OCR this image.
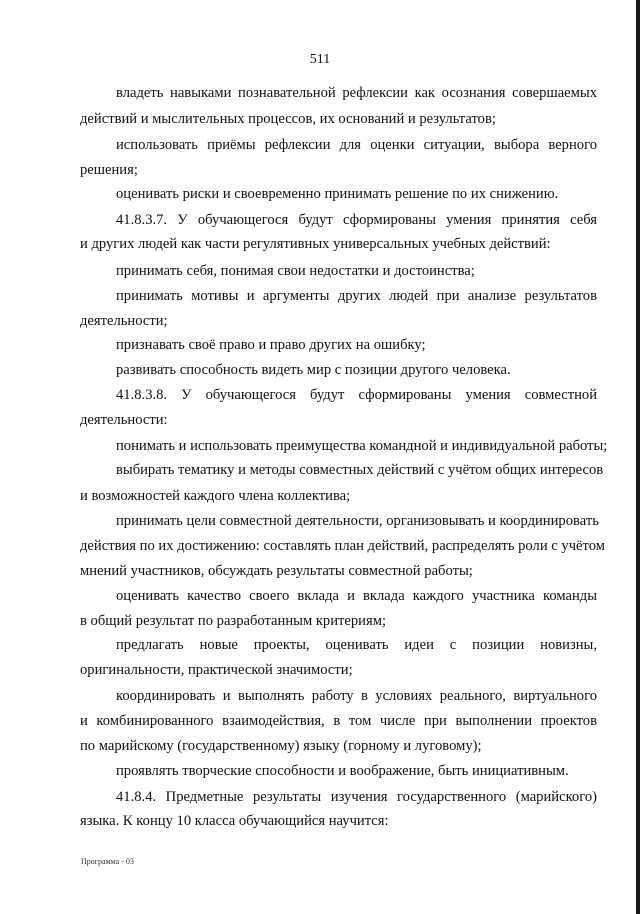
511
владеть навыками познавательной рефлексии как осознания совершаемых
действий и мыслительных процессов, их оснований и результатов;
использовать приёмы рефлексии для оценки ситуации, выбора верного
решения;
оценивать риски и своевременно принимать решение по их снижению.
41.8.3.7. У обучающегося будут сформированы умения принятия себя
и других людей как части регулятивных универсальных учебных действий:
принимать себя, понимая свои недостатки и достоинства;
принимать мотивы и аргументы других людей при анализе результатов
деятельности;
признавать своё право и право других на ошибку;
развивать способность видеть мир с позиции другого человека.
41.8.3.8. У обучающегося будут сформированы умения совместной
деятельности:
понимать и использовать преимущества командной и индивидуальной работы;
выбирать тематику и методы совместных действий с учётом общих интересов
и возможностей каждого члена коллектива;
принимать цели совместной деятельности, организовывать и координировать
действия по их достижению: составлять план действий, распределять роли с учётом
мнений участников, обсуждать результаты совместной работы;
оценивать качество своего вклада и вклада каждого участника команды
в общий результат по разработанным критериям;
предлагать новые проекты, оценивать идеи с позиции новизны,
оригинальности, практической значимости;
координировать и выполнять работу в условиях реального, виртуального
и комбинированного взаимодействия, в том числе при выполнении проектов
по марийскому (государственному) языку (горному и луговому);
проявлять творческие способности и воображение, быть инициативным.
41.8.4. Предметные результаты изучения государственного (марийского)
языка. К концу 10 класса обучающийся научится:
Программа - 03
